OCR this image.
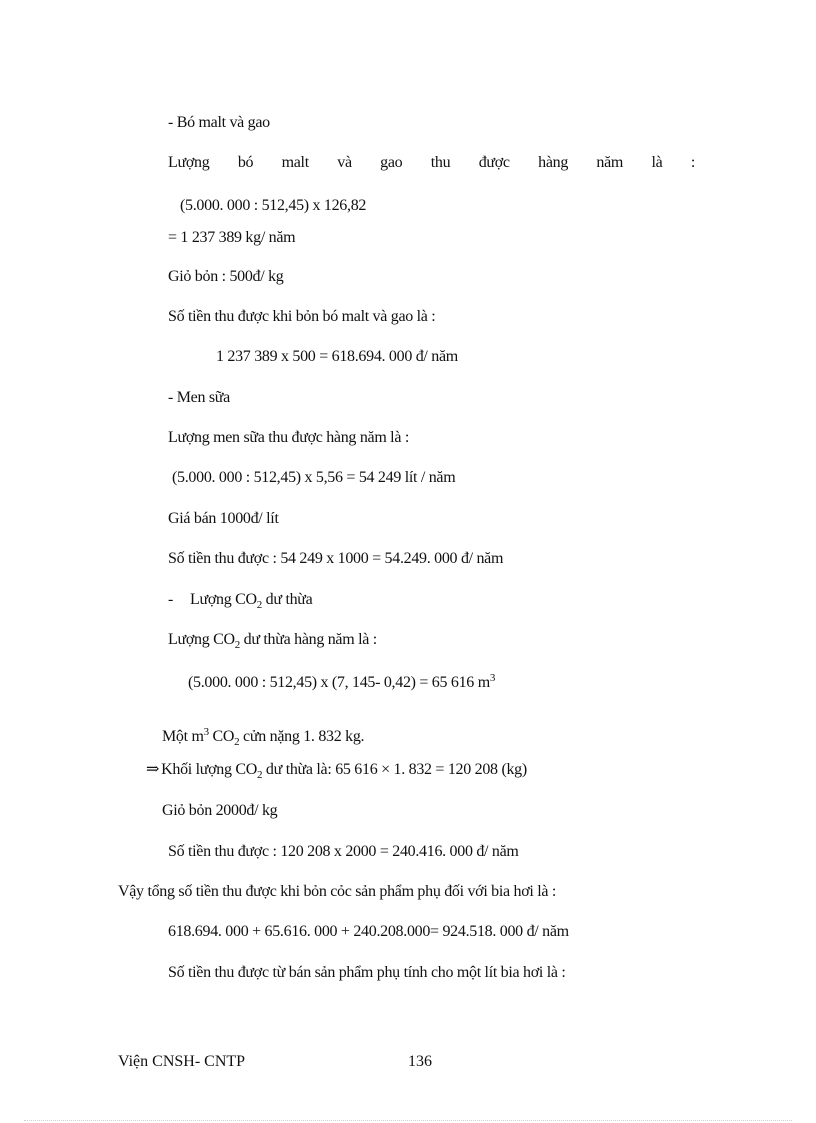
- Bó malt và gao
Lượng bó malt và gao thu được hàng năm là :
(5.000. 000 : 512,45) x 126,82
= 1 237 389 kg/ năm
Giỏ bỏn : 500đ/ kg
Số tiền thu được khi bỏn bó malt và gao là :
1 237 389 x 500 = 618.694. 000 đ/ năm
- Men sữa
Lượng men sữa thu được hàng năm là :
(5.000. 000 : 512,45) x 5,56 = 54 249 lít / năm
Giá bán 1000đ/ lít
Số tiền thu được : 54 249 x 1000 = 54.249. 000 đ/ năm
- Lượng $CO_2$ dư thừa
Lượng $CO_2$ dư thừa hàng năm là :
(5.000. 000 : 512,45) x (7, 145- 0,42) = 65 616 $m^3$
Một $m^3$ $CO_2$ cửn nặng 1. 832 kg.
⇒ Khối lượng $CO_2$ dư thừa là: 65 616 × 1. 832 = 120 208 (kg)
Giỏ bỏn 2000đ/ kg
Số tiền thu được : 120 208 x 2000 = 240.416. 000 đ/ năm
Vậy tổng số tiền thu được khi bỏn cỏc sản phẩm phụ đối với bia hơi là :
618.694. 000 + 65.616. 000 + 240.208.000= 924.518. 000 đ/ năm
Số tiền thu được từ bán sản phẩm phụ tính cho một lít bia hơi là :
Viện CNSH- CNTP	136
